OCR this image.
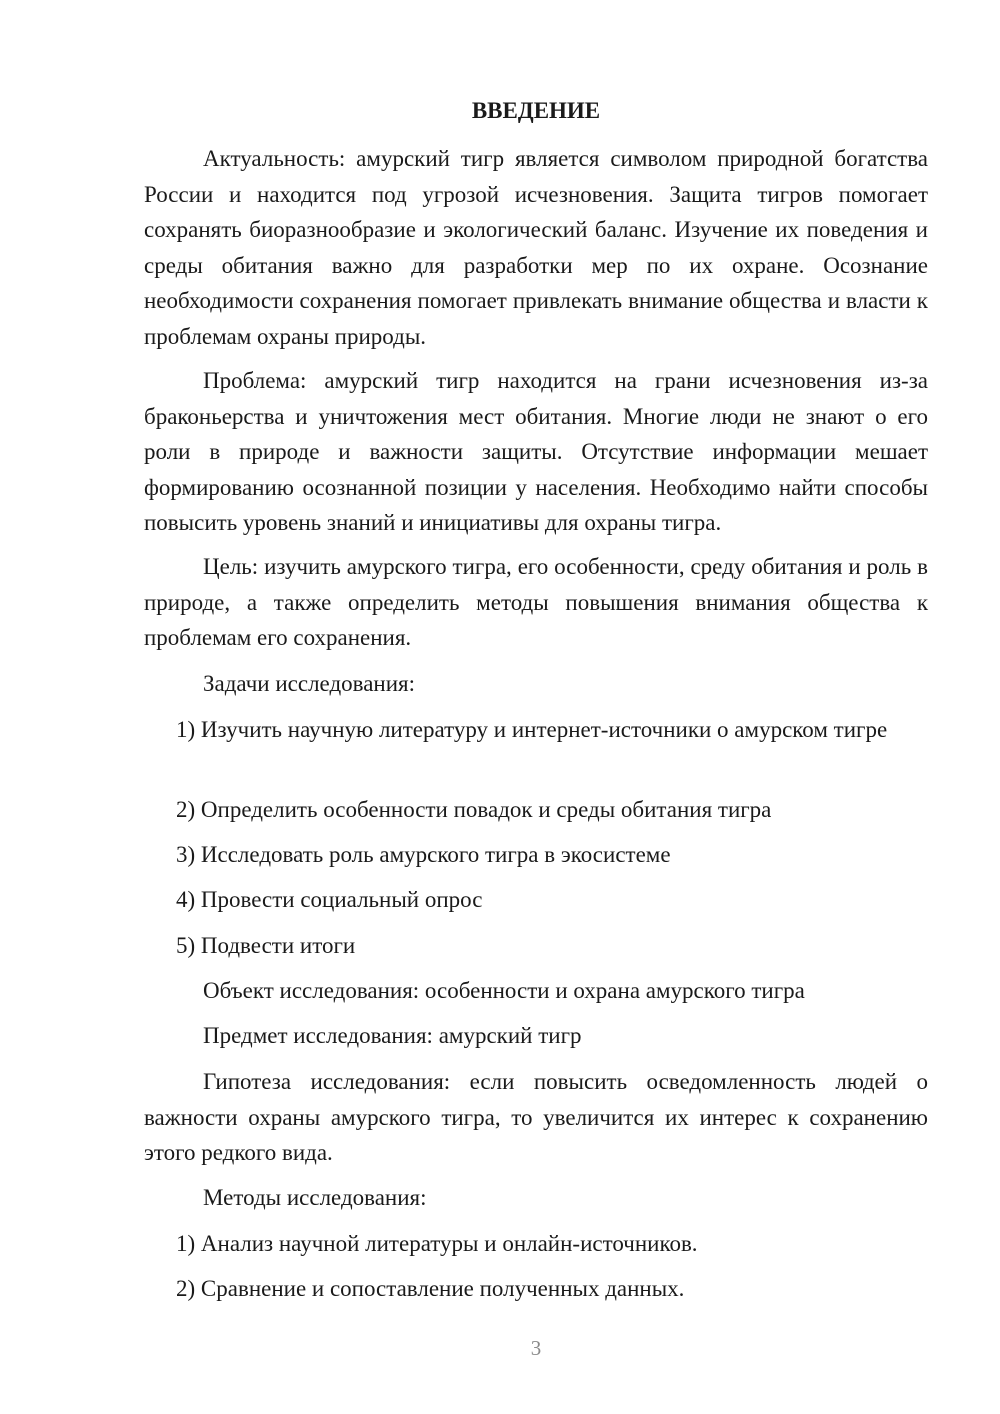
ВВЕДЕНИЕ

Актуальность: амурский тигр является символом природной богатства России и находится под угрозой исчезновения. Защита тигров помогает сохранять биоразнообразие и экологический баланс. Изучение их поведения и среды обитания важно для разработки мер по их охране. Осознание необходимости сохранения помогает привлекать внимание общества и власти к проблемам охраны природы.

Проблема: амурский тигр находится на грани исчезновения из-за браконьерства и уничтожения мест обитания. Многие люди не знают о его роли в природе и важности защиты. Отсутствие информации мешает формированию осознанной позиции у населения. Необходимо найти способы повысить уровень знаний и инициативы для охраны тигра.

Цель: изучить амурского тигра, его особенности, среду обитания и роль в природе, а также определить методы повышения внимания общества к проблемам его сохранения.

Задачи исследования:

1) Изучить научную литературу и интернет-источники о амурском тигре

2) Определить особенности повадок и среды обитания тигра

3) Исследовать роль амурского тигра в экосистеме

4) Провести социальный опрос

5) Подвести итоги

Объект исследования: особенности и охрана амурского тигра

Предмет исследования: амурский тигр

Гипотеза исследования: если повысить осведомленность людей о важности охраны амурского тигра, то увеличится их интерес к сохранению этого редкого вида.

Методы исследования:

1) Анализ научной литературы и онлайн-источников.

2) Сравнение и сопоставление полученных данных.

3
